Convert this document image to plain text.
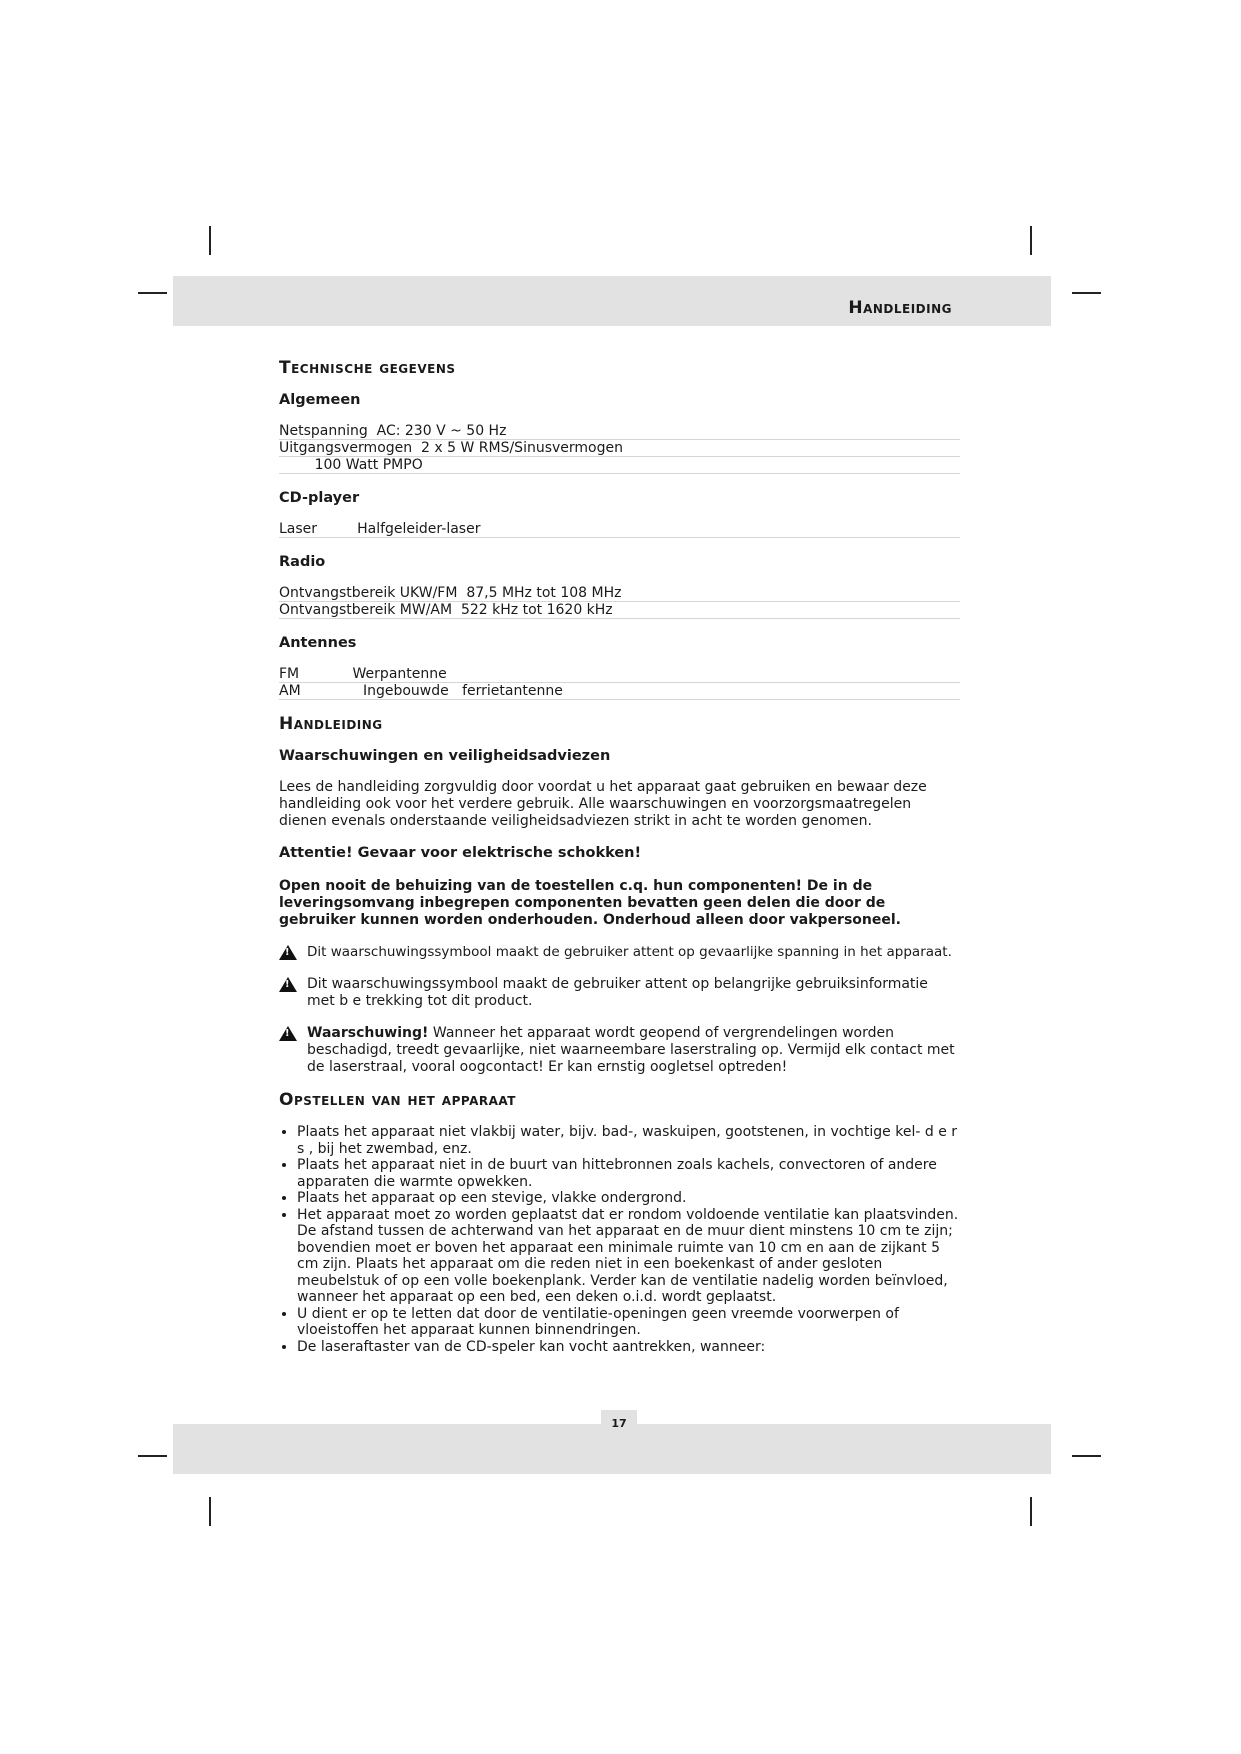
Handleiding
Technische gegevens
Algemeen
Netspanning  AC: 230 V ~ 50 Hz
Uitgangsvermogen  2 x 5 W RMS/Sinusvermogen
100 Watt PMPO
CD-player
Laser         Halfgeleider-laser
Radio
Ontvangstbereik UKW/FM  87,5 MHz tot 108 MHz
Ontvangstbereik MW/AM  522 kHz tot 1620 kHz
Antennes
FM            Werpantenne
AM              Ingebouwde   ferrietantenne
Handleiding
Waarschuwingen en veiligheidsadviezen

Lees de handleiding zorgvuldig door voordat u het apparaat gaat gebruiken en bewaar deze handleiding ook voor het verdere gebruik. Alle waarschuwingen en voorzorgsmaatregelen dienen evenals onderstaande veiligheidsadviezen strikt in acht te worden genomen.

Attentie! Gevaar voor elektrische schokken!

Open nooit de behuizing van de toestellen c.q. hun componenten! De in de leveringsomvang inbegrepen componenten bevatten geen delen die door de gebruiker kunnen worden onderhouden. Onderhoud alleen door vakpersoneel.

!
Dit waarschuwingssymbool maakt de gebruiker attent op gevaarlijke spanning in het apparaat.
!
Dit waarschuwingssymbool maakt de gebruiker attent op belangrijke gebruiksinformatie met b e trekking tot dit product.
!
Waarschuwing! Wanneer het apparaat wordt geopend of vergrendelingen worden beschadigd, treedt gevaarlijke, niet waarneembare laserstraling op. Vermijd elk contact met de laserstraal, vooral oogcontact! Er kan ernstig oogletsel optreden!
Opstellen van het apparaat
• Plaats het apparaat niet vlakbij water, bijv. bad-, waskuipen, gootstenen, in vochtige kel- d e r s , bij het zwembad, enz.
• Plaats het apparaat niet in de buurt van hittebronnen zoals kachels, convectoren of andere apparaten die warmte opwekken.
• Plaats het apparaat op een stevige, vlakke ondergrond.
• Het apparaat moet zo worden geplaatst dat er rondom voldoende ventilatie kan plaatsvinden. De afstand tussen de achterwand van het apparaat en de muur dient minstens 10 cm te zijn; bovendien moet er boven het apparaat een minimale ruimte van 10 cm en aan de zijkant 5 cm zijn. Plaats het apparaat om die reden niet in een boekenkast of ander gesloten meubelstuk of op een volle boekenplank. Verder kan de ventilatie nadelig worden beïnvloed, wanneer het apparaat op een bed, een deken o.i.d. wordt geplaatst.
• U dient er op te letten dat door de ventilatie-openingen geen vreemde voorwerpen of vloeistoffen het apparaat kunnen binnendringen.
• De laseraftaster van de CD-speler kan vocht aantrekken, wanneer:
17
